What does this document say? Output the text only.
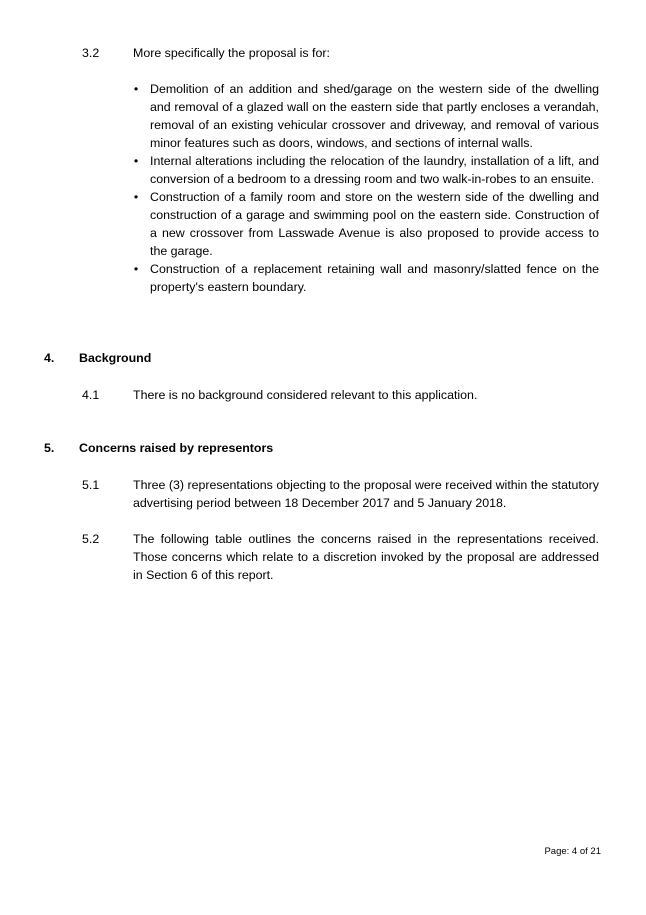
3.2	More specifically the proposal is for:
• Demolition of an addition and shed/garage on the western side of the dwelling and removal of a glazed wall on the eastern side that partly encloses a verandah, removal of an existing vehicular crossover and driveway, and removal of various minor features such as doors, windows, and sections of internal walls.
• Internal alterations including the relocation of the laundry, installation of a lift, and conversion of a bedroom to a dressing room and two walk-in-robes to an ensuite.
• Construction of a family room and store on the western side of the dwelling and construction of a garage and swimming pool on the eastern side. Construction of a new crossover from Lasswade Avenue is also proposed to provide access to the garage.
• Construction of a replacement retaining wall and masonry/slatted fence on the property's eastern boundary.
4. Background
4.1	There is no background considered relevant to this application.
5. Concerns raised by representors
5.1	Three (3) representations objecting to the proposal were received within the statutory advertising period between 18 December 2017 and 5 January 2018.
5.2	The following table outlines the concerns raised in the representations received. Those concerns which relate to a discretion invoked by the proposal are addressed in Section 6 of this report.
Page: 4 of 21
